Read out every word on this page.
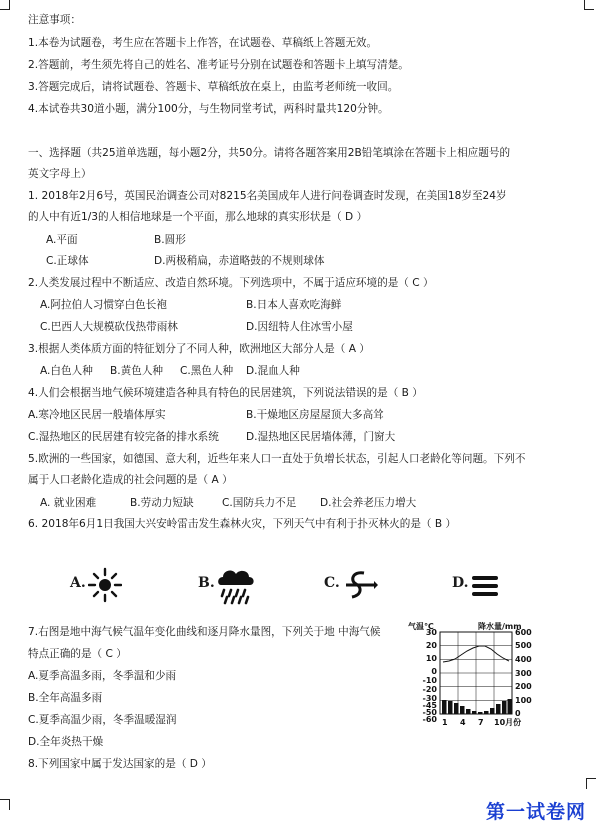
注意事项：
1.本卷为试题卷，考生应在答题卡上作答，在试题卷、草稿纸上答题无效。
2.答题前，考生须先将自己的姓名、准考证号分别在试题卷和答题卡上填写清楚。
3.答题完成后，请将试题卷、答题卡、草稿纸放在桌上，由监考老师统一收回。
4.本试卷共30道小题，满分100分，与生物同堂考试，两科时量共120分钟。
一、选择题（共25道单选题，每小题2分，共50分。请将各题答案用2B铅笔填涂在答题卡上相应题号的
英文字母上）
1. 2018年2月6号，英国民治调查公司对8215名美国成年人进行问卷调查时发现，在美国18岁至24岁
的人中有近1/3的人相信地球是一个平面，那么地球的真实形状是（ D ）
A.平面	B.圆形
C.正球体	D.两极稍扁，赤道略鼓的不规则球体
2.人类发展过程中不断适应、改造自然环境。下列选项中，不属于适应环境的是（ C ）
A.阿拉伯人习惯穿白色长袍	B.日本人喜欢吃海鲜
C.巴西人大规模砍伐热带雨林	D.因纽特人住冰雪小屋
3.根据人类体质方面的特征划分了不同人种，欧洲地区大部分人是（ A ）
A.白色人种 B.黄色人种 C.黑色人种 D.混血人种
4.人们会根据当地气候环境建造各种具有特色的民居建筑，下列说法错误的是（ B ）
A.寒冷地区民居一般墙体厚实	B.干燥地区房屋屋顶大多高耸
C.湿热地区的民居建有较完备的排水系统	D.湿热地区民居墙体薄，门窗大
5.欧洲的一些国家，如德国、意大利，近些年来人口一直处于负增长状态，引起人口老龄化等问题。下列不
属于人口老龄化造成的社会问题的是（ A ）
A. 就业困难	B.劳动力短缺	C.国防兵力不足 D.社会养老压力增大
6. 2018年6月1日我国大兴安岭雷击发生森林火灾，下列天气中有利于扑灭林火的是（ B ）
A.	B.	C.	D.
7.右图是地中海气候气温年变化曲线和逐月降水量图，下列关于地 中海气候
特点正确的是（ C ）
A.夏季高温多雨，冬季温和少雨
B.全年高温多雨
C.夏季高温少雨，冬季温暖湿润
D.全年炎热干燥
8.下列国家中属于发达国家的是（ D ）
气温℃	降水量/mm
30
20
10
0
-10
-20
-30
-45
-50
-60
600
500
400
300
200
100
0
1 4 7 10月份
第一试卷网
